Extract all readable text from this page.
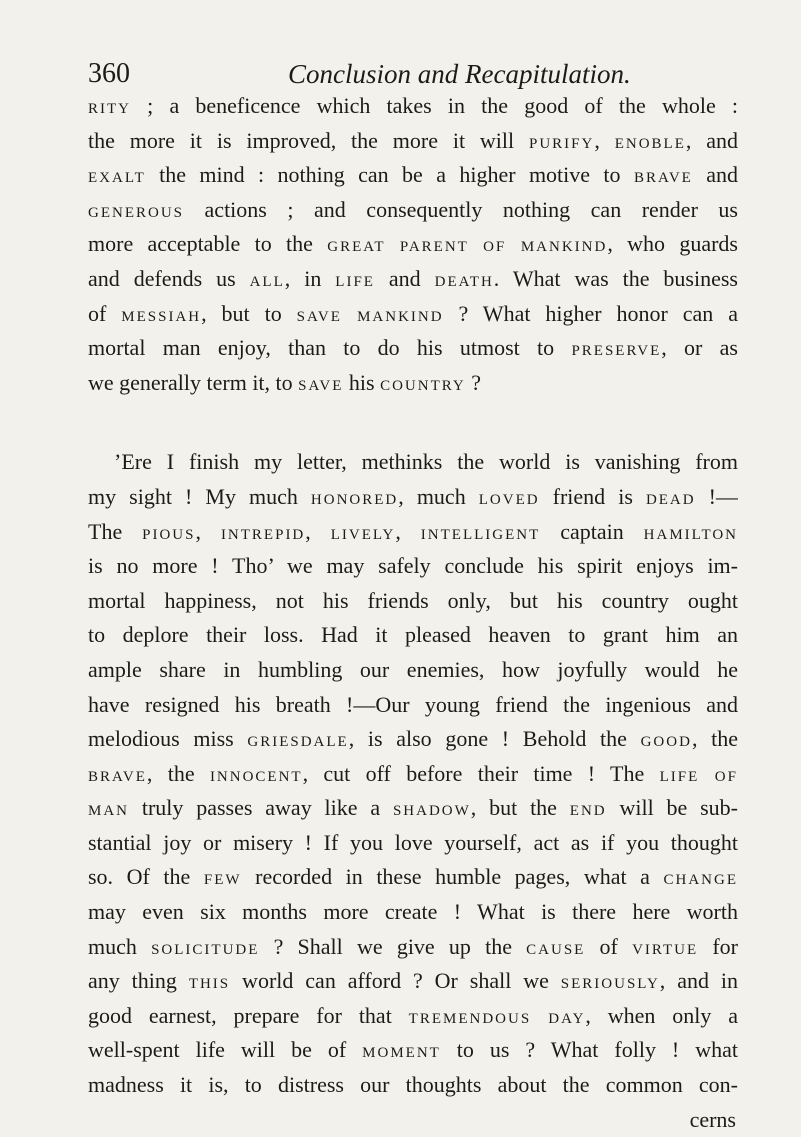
360	Conclusion and Recapitulation.
RITY ; a beneficence which takes in the good of the whole :
the more it is improved, the more it will PURIFY, ENOBLE, and
EXALT the mind : nothing can be a higher motive to BRAVE and
GENEROUS actions ; and consequently nothing can render us
more acceptable to the GREAT PARENT OF MANKIND, who guards
and defends us ALL, in LIFE and DEATH. What was the business
of MESSIAH, but to SAVE MANKIND ? What higher honor can a
mortal man enjoy, than to do his utmost to PRESERVE, or as
we generally term it, to SAVE his COUNTRY ?
’Ere I finish my letter, methinks the world is vanishing from
my sight ! My much HONORED, much LOVED friend is DEAD !—
The PIOUS, INTREPID, LIVELY, INTELLIGENT captain HAMILTON
is no more ! Tho’ we may safely conclude his spirit enjoys im-
mortal happiness, not his friends only, but his country ought
to deplore their loss. Had it pleased heaven to grant him an
ample share in humbling our enemies, how joyfully would he
have resigned his breath !—Our young friend the ingenious and
melodious miss GRIESDALE, is also gone ! Behold the GOOD, the
BRAVE, the INNOCENT, cut off before their time ! The LIFE OF
MAN truly passes away like a SHADOW, but the END will be sub-
stantial joy or misery ! If you love yourself, act as if you thought
so. Of the FEW recorded in these humble pages, what a CHANGE
may even six months more create ! What is there here worth
much SOLICITUDE ? Shall we give up the CAUSE of VIRTUE for
any thing THIS world can afford ? Or shall we SERIOUSLY, and in
good earnest, prepare for that TREMENDOUS DAY, when only a
well-spent life will be of MOMENT to us ? What folly ! what
madness it is, to distress our thoughts about the common con-
cerns
